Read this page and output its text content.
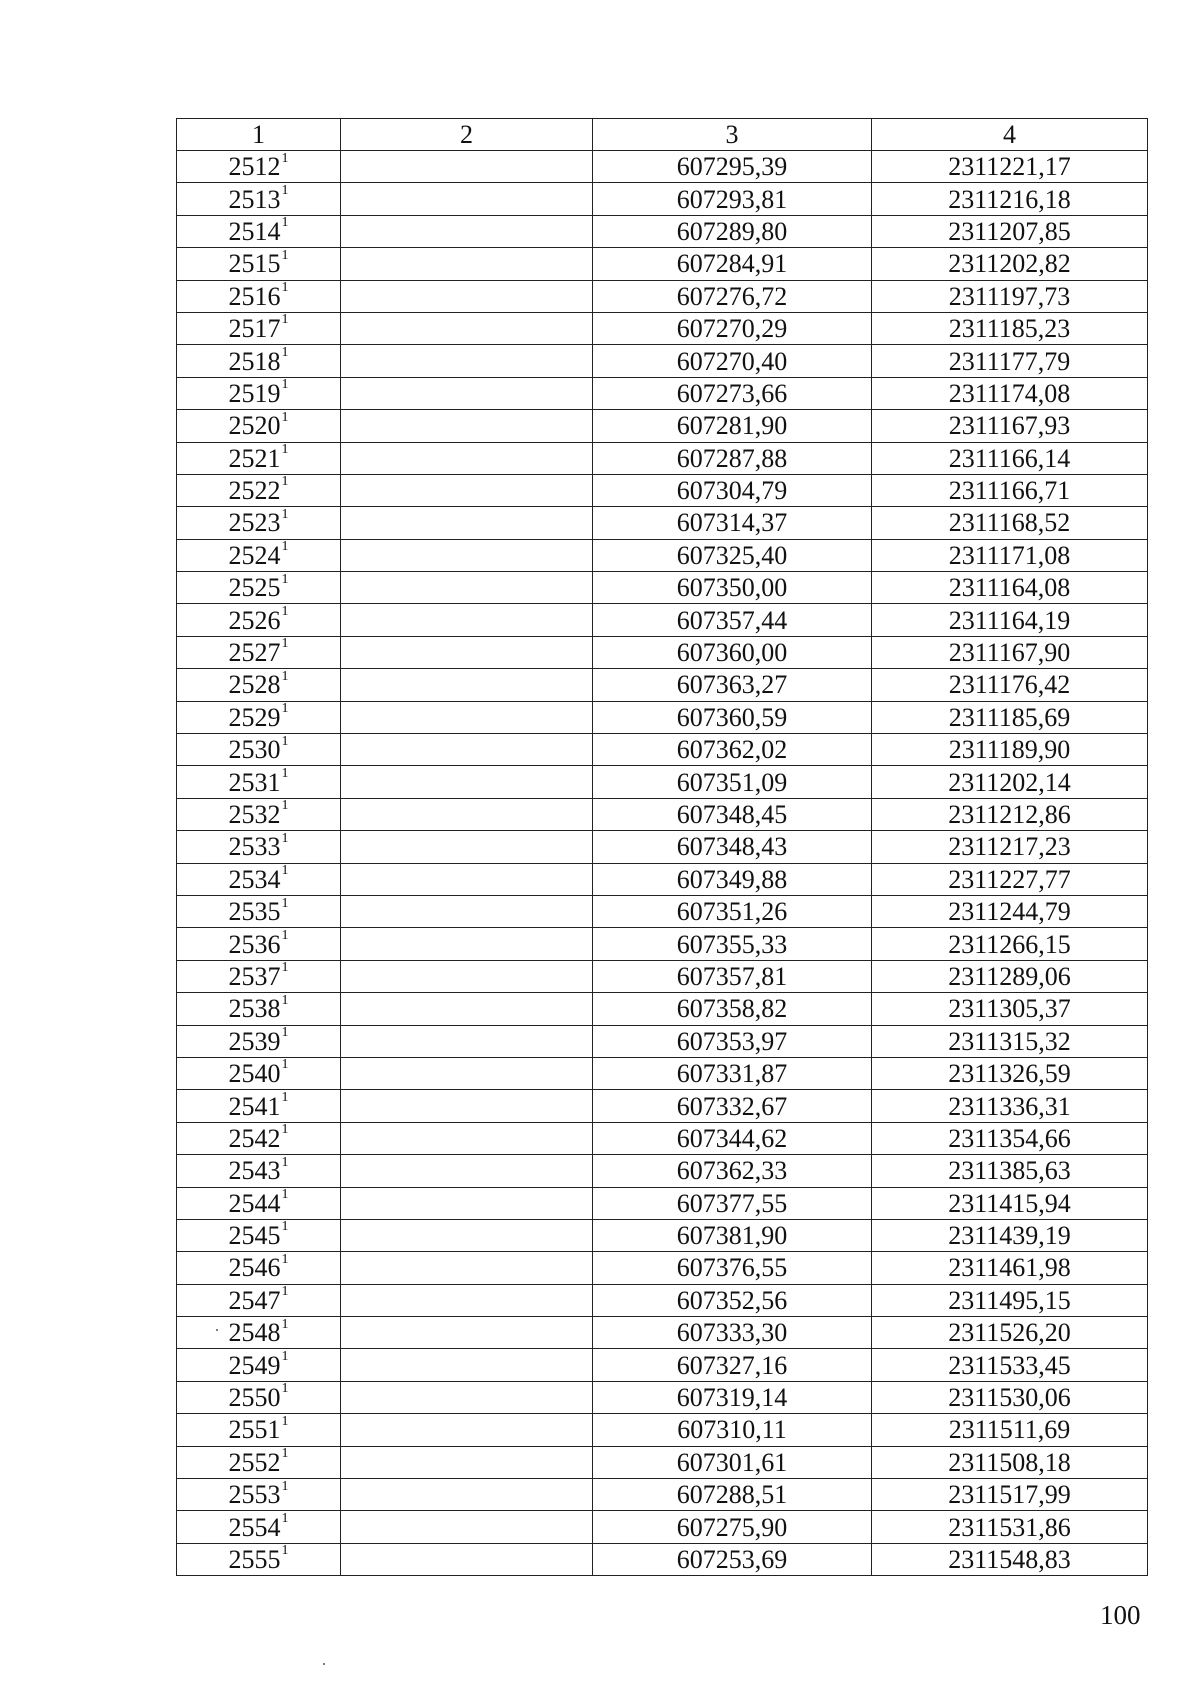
1	2	3	4
2512$^1$		607295,39	2311221,17
2513$^1$		607293,81	2311216,18
2514$^1$		607289,80	2311207,85
2515$^1$		607284,91	2311202,82
2516$^1$		607276,72	2311197,73
2517$^1$		607270,29	2311185,23
2518$^1$		607270,40	2311177,79
2519$^1$		607273,66	2311174,08
2520$^1$		607281,90	2311167,93
2521$^1$		607287,88	2311166,14
2522$^1$		607304,79	2311166,71
2523$^1$		607314,37	2311168,52
2524$^1$		607325,40	2311171,08
2525$^1$		607350,00	2311164,08
2526$^1$		607357,44	2311164,19
2527$^1$		607360,00	2311167,90
2528$^1$		607363,27	2311176,42
2529$^1$		607360,59	2311185,69
2530$^1$		607362,02	2311189,90
2531$^1$		607351,09	2311202,14
2532$^1$		607348,45	2311212,86
2533$^1$		607348,43	2311217,23
2534$^1$		607349,88	2311227,77
2535$^1$		607351,26	2311244,79
2536$^1$		607355,33	2311266,15
2537$^1$		607357,81	2311289,06
2538$^1$		607358,82	2311305,37
2539$^1$		607353,97	2311315,32
2540$^1$		607331,87	2311326,59
2541$^1$		607332,67	2311336,31
2542$^1$		607344,62	2311354,66
2543$^1$		607362,33	2311385,63
2544$^1$		607377,55	2311415,94
2545$^1$		607381,90	2311439,19
2546$^1$		607376,55	2311461,98
2547$^1$		607352,56	2311495,15
2548$^1$		607333,30	2311526,20
2549$^1$		607327,16	2311533,45
2550$^1$		607319,14	2311530,06
2551$^1$		607310,11	2311511,69
2552$^1$		607301,61	2311508,18
2553$^1$		607288,51	2311517,99
2554$^1$		607275,90	2311531,86
2555$^1$		607253,69	2311548,83
100
